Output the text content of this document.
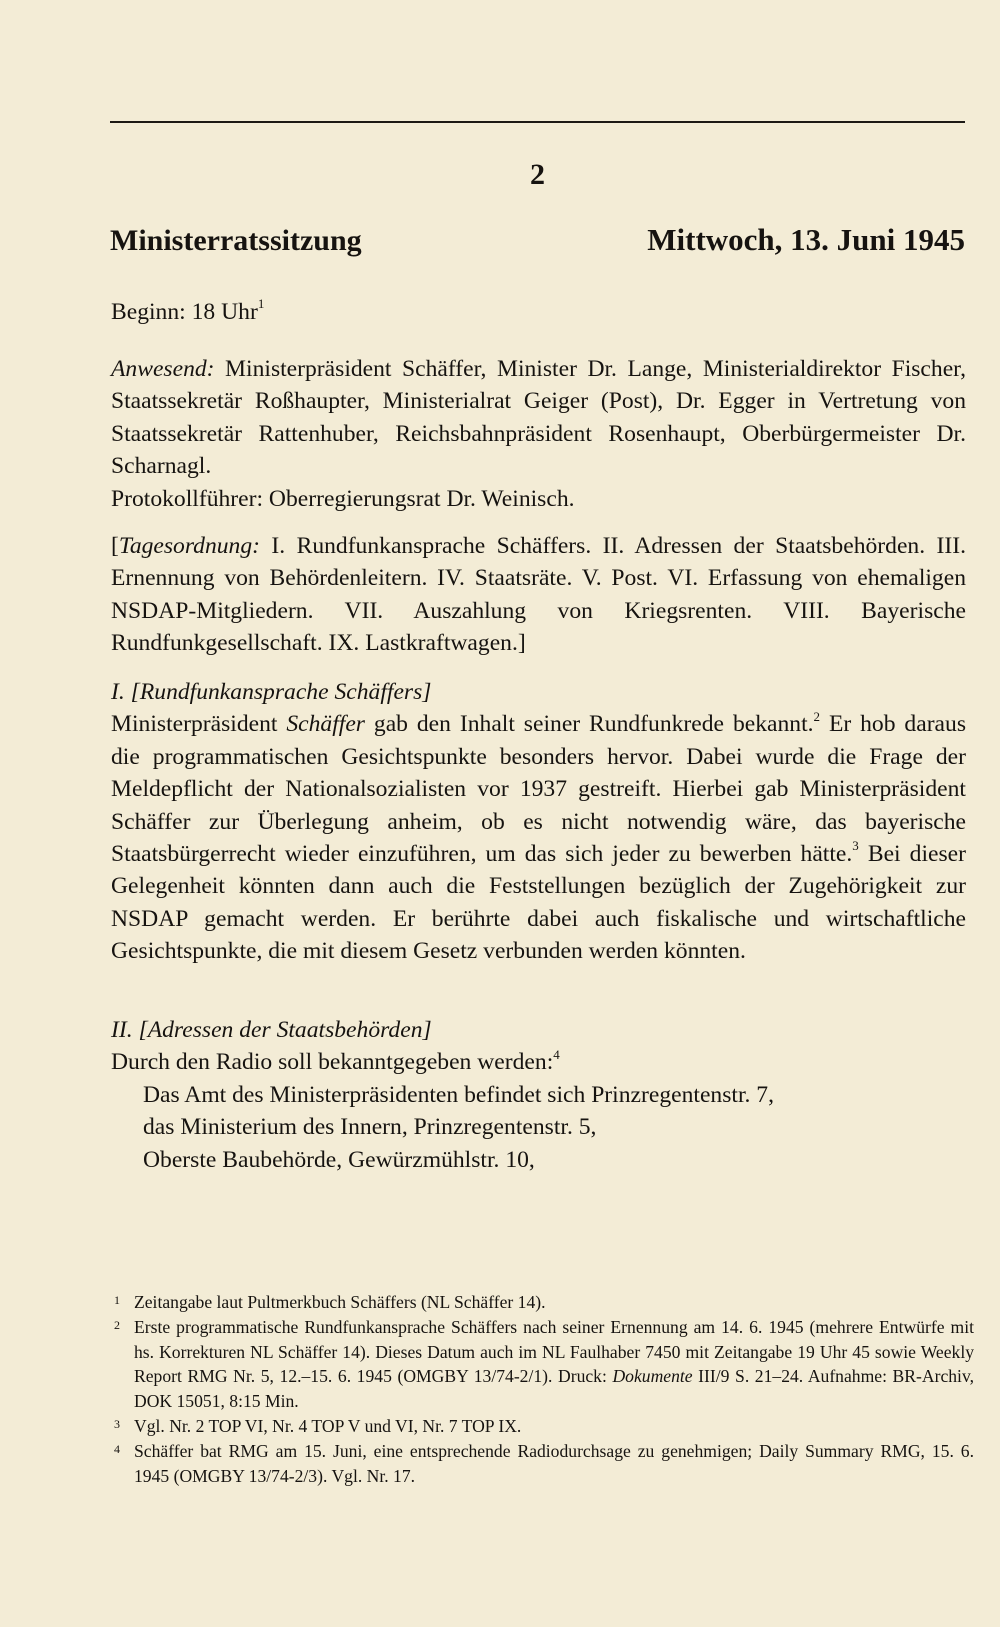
2
Ministerratssitzung	Mittwoch, 13. Juni 1945
Beginn: 18 Uhr$^1$

Anwesend: Ministerpräsident Schäffer, Minister Dr. Lange, Ministerialdirektor Fischer, Staatssekretär Roßhaupter, Ministerialrat Geiger (Post), Dr. Egger in Vertretung von Staatssekretär Rattenhuber, Reichsbahnpräsident Rosenhaupt, Oberbürgermeister Dr. Scharnagl.

Protokollführer: Oberregierungsrat Dr. Weinisch.

[Tagesordnung: I. Rundfunkansprache Schäffers. II. Adressen der Staatsbehörden. III. Ernennung von Behördenleitern. IV. Staatsräte. V. Post. VI. Erfassung von ehemaligen NSDAP-Mitgliedern. VII. Auszahlung von Kriegsrenten. VIII. Bayerische Rundfunkgesellschaft. IX. Lastkraftwagen.]

I. [Rundfunkansprache Schäffers]

Ministerpräsident Schäffer gab den Inhalt seiner Rundfunkrede bekannt.$^2$ Er hob daraus die programmatischen Gesichtspunkte besonders hervor. Dabei wurde die Frage der Meldepflicht der Nationalsozialisten vor 1937 gestreift. Hierbei gab Ministerpräsident Schäffer zur Überlegung anheim, ob es nicht notwendig wäre, das bayerische Staatsbürgerrecht wieder einzuführen, um das sich jeder zu bewerben hätte.$^3$ Bei dieser Gelegenheit könnten dann auch die Feststellungen bezüglich der Zugehörigkeit zur NSDAP gemacht werden. Er berührte dabei auch fiskalische und wirtschaftliche Gesichtspunkte, die mit diesem Gesetz verbunden werden könnten.

II. [Adressen der Staatsbehörden]

Durch den Radio soll bekanntgegeben werden:$^4$

Das Amt des Ministerpräsidenten befindet sich Prinzregentenstr. 7,

das Ministerium des Innern, Prinzregentenstr. 5,

Oberste Baubehörde, Gewürzmühlstr. 10,

1 Zeitangabe laut Pultmerkbuch Schäffers (NL Schäffer 14).
2 Erste programmatische Rundfunkansprache Schäffers nach seiner Ernennung am 14. 6. 1945 (mehrere Entwürfe mit hs. Korrekturen NL Schäffer 14). Dieses Datum auch im NL Faulhaber 7450 mit Zeitangabe 19 Uhr 45 sowie Weekly Report RMG Nr. 5, 12.–15. 6. 1945 (OMGBY 13/74-2/1). Druck: Dokumente III/9 S. 21–24. Aufnahme: BR-Archiv, DOK 15051, 8:15 Min.
3 Vgl. Nr. 2 TOP VI, Nr. 4 TOP V und VI, Nr. 7 TOP IX.
4 Schäffer bat RMG am 15. Juni, eine entsprechende Radiodurchsage zu genehmigen; Daily Summary RMG, 15. 6. 1945 (OMGBY 13/74-2/3). Vgl. Nr. 17.
